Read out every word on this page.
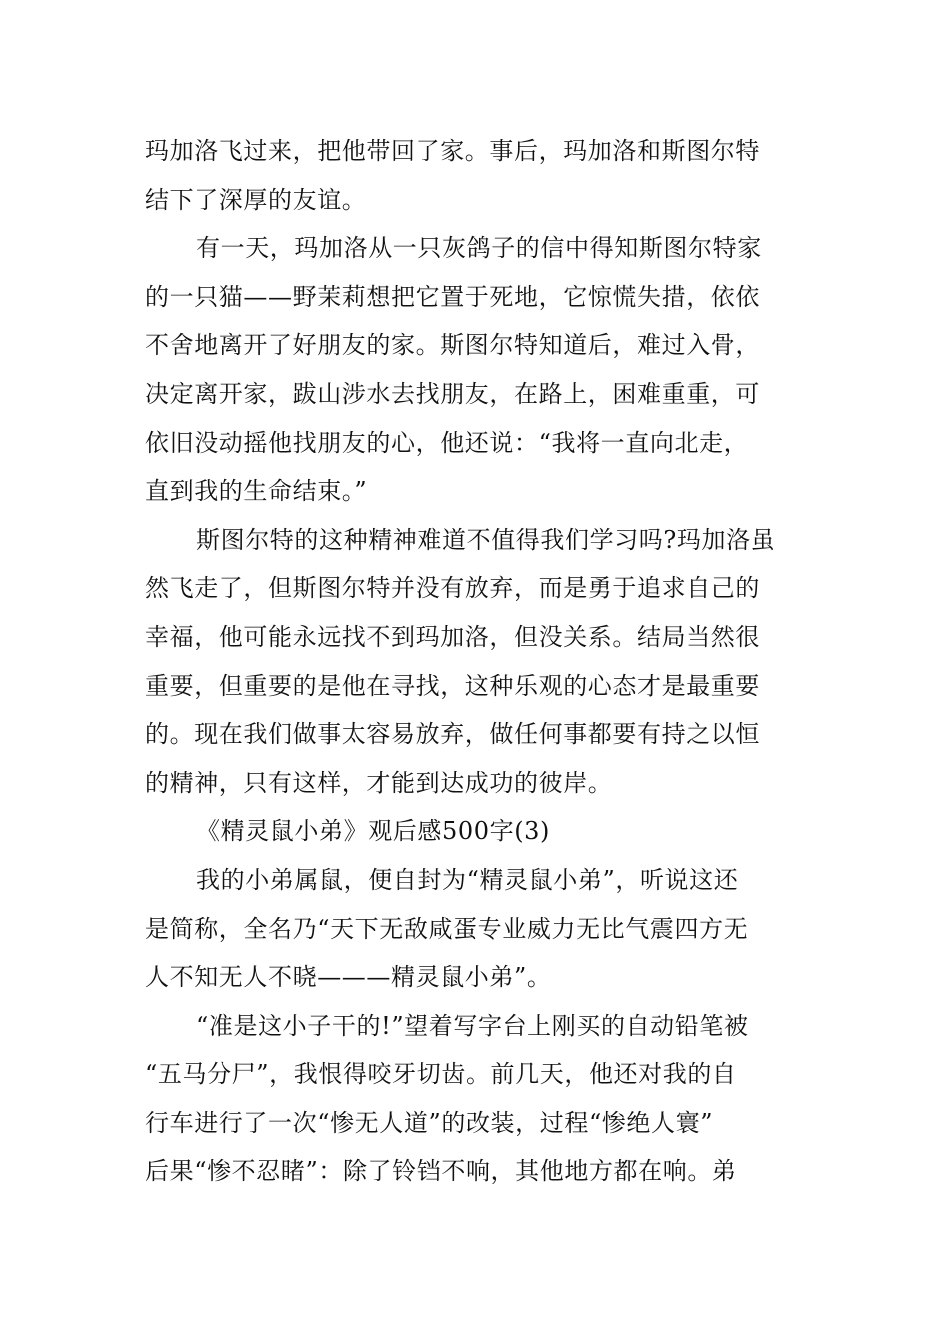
玛加洛飞过来，把他带回了家。事后，玛加洛和斯图尔特
结下了深厚的友谊。
有一天，玛加洛从一只灰鸽子的信中得知斯图尔特家
的一只猫——野茉莉想把它置于死地，它惊慌失措，依依
不舍地离开了好朋友的家。斯图尔特知道后，难过入骨，
决定离开家，跋山涉水去找朋友，在路上，困难重重，可
依旧没动摇他找朋友的心，他还说：“我将一直向北走，
直到我的生命结束。”
斯图尔特的这种精神难道不值得我们学习吗?玛加洛虽
然飞走了，但斯图尔特并没有放弃，而是勇于追求自己的
幸福，他可能永远找不到玛加洛，但没关系。结局当然很
重要，但重要的是他在寻找，这种乐观的心态才是最重要
的。现在我们做事太容易放弃，做任何事都要有持之以恒
的精神，只有这样，才能到达成功的彼岸。
《精灵鼠小弟》观后感500字(3)
我的小弟属鼠，便自封为“精灵鼠小弟”，听说这还
是简称，全名乃“天下无敌咸蛋专业威力无比气震四方无
人不知无人不晓———精灵鼠小弟”。
“准是这小子干的!”望着写字台上刚买的自动铅笔被
“五马分尸”，我恨得咬牙切齿。前几天，他还对我的自
行车进行了一次“惨无人道”的改装，过程“惨绝人寰”
后果“惨不忍睹”：除了铃铛不响，其他地方都在响。弟
